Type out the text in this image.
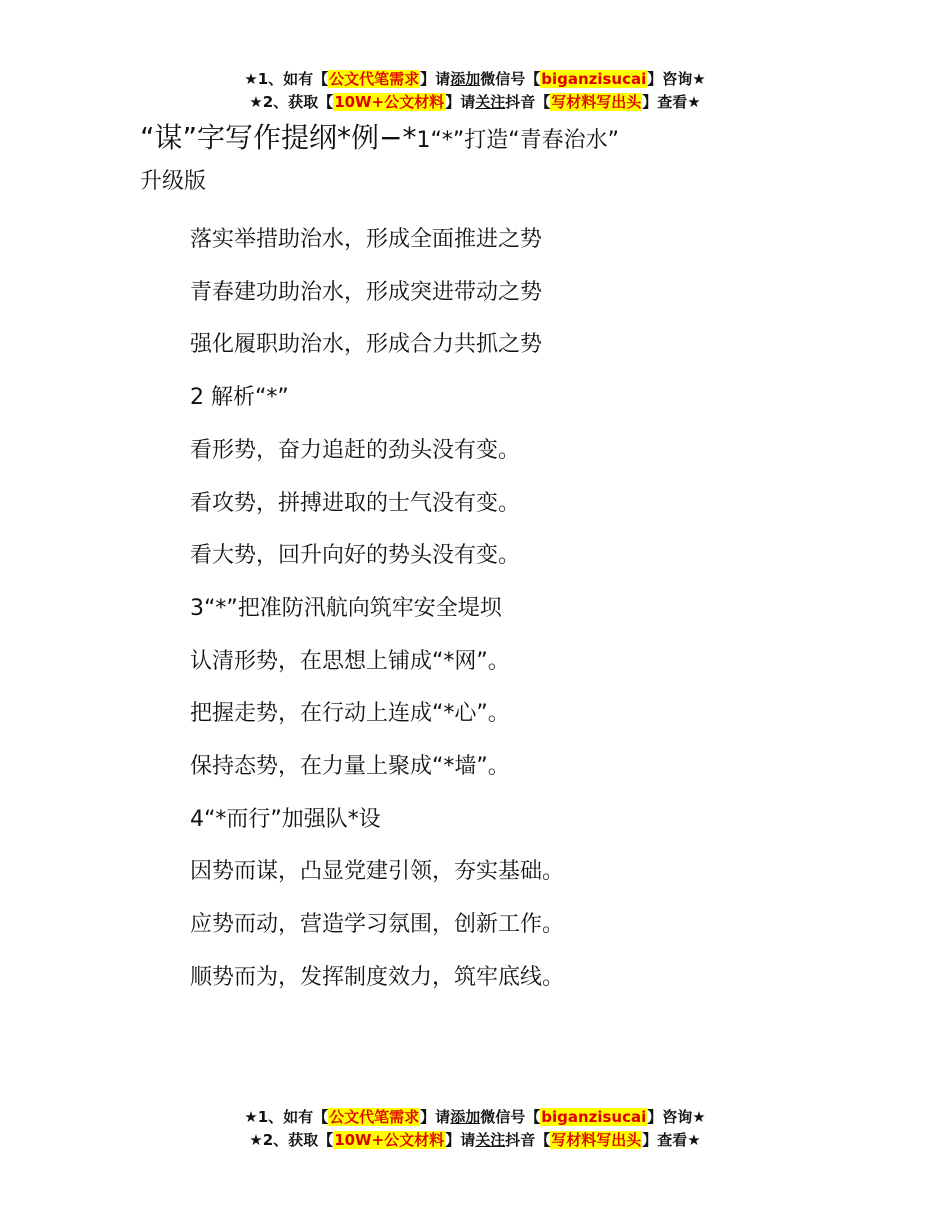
★1、如有【公文代笔需求】请添加微信号【biganzisucai】咨询★
★2、获取【10W+公文材料】请关注抖音【写材料写出头】查看★
“谋”字写作提纲*例−*1“*”打造“青春治水”
升级版
落实举措助治水，形成全面推进之势
青春建功助治水，形成突进带动之势
强化履职助治水，形成合力共抓之势
2 解析“*”
看形势，奋力追赶的劲头没有变。
看攻势，拼搏进取的士气没有变。
看大势，回升向好的势头没有变。
3“*”把准防汛航向筑牢安全堤坝
认清形势，在思想上铺成“*网”。
把握走势，在行动上连成“*心”。
保持态势，在力量上聚成“*墙”。
4“*而行”加强队*设
因势而谋，凸显党建引领，夯实基础。
应势而动，营造学习氛围，创新工作。
顺势而为，发挥制度效力，筑牢底线。
★1、如有【公文代笔需求】请添加微信号【biganzisucai】咨询★
★2、获取【10W+公文材料】请关注抖音【写材料写出头】查看★
